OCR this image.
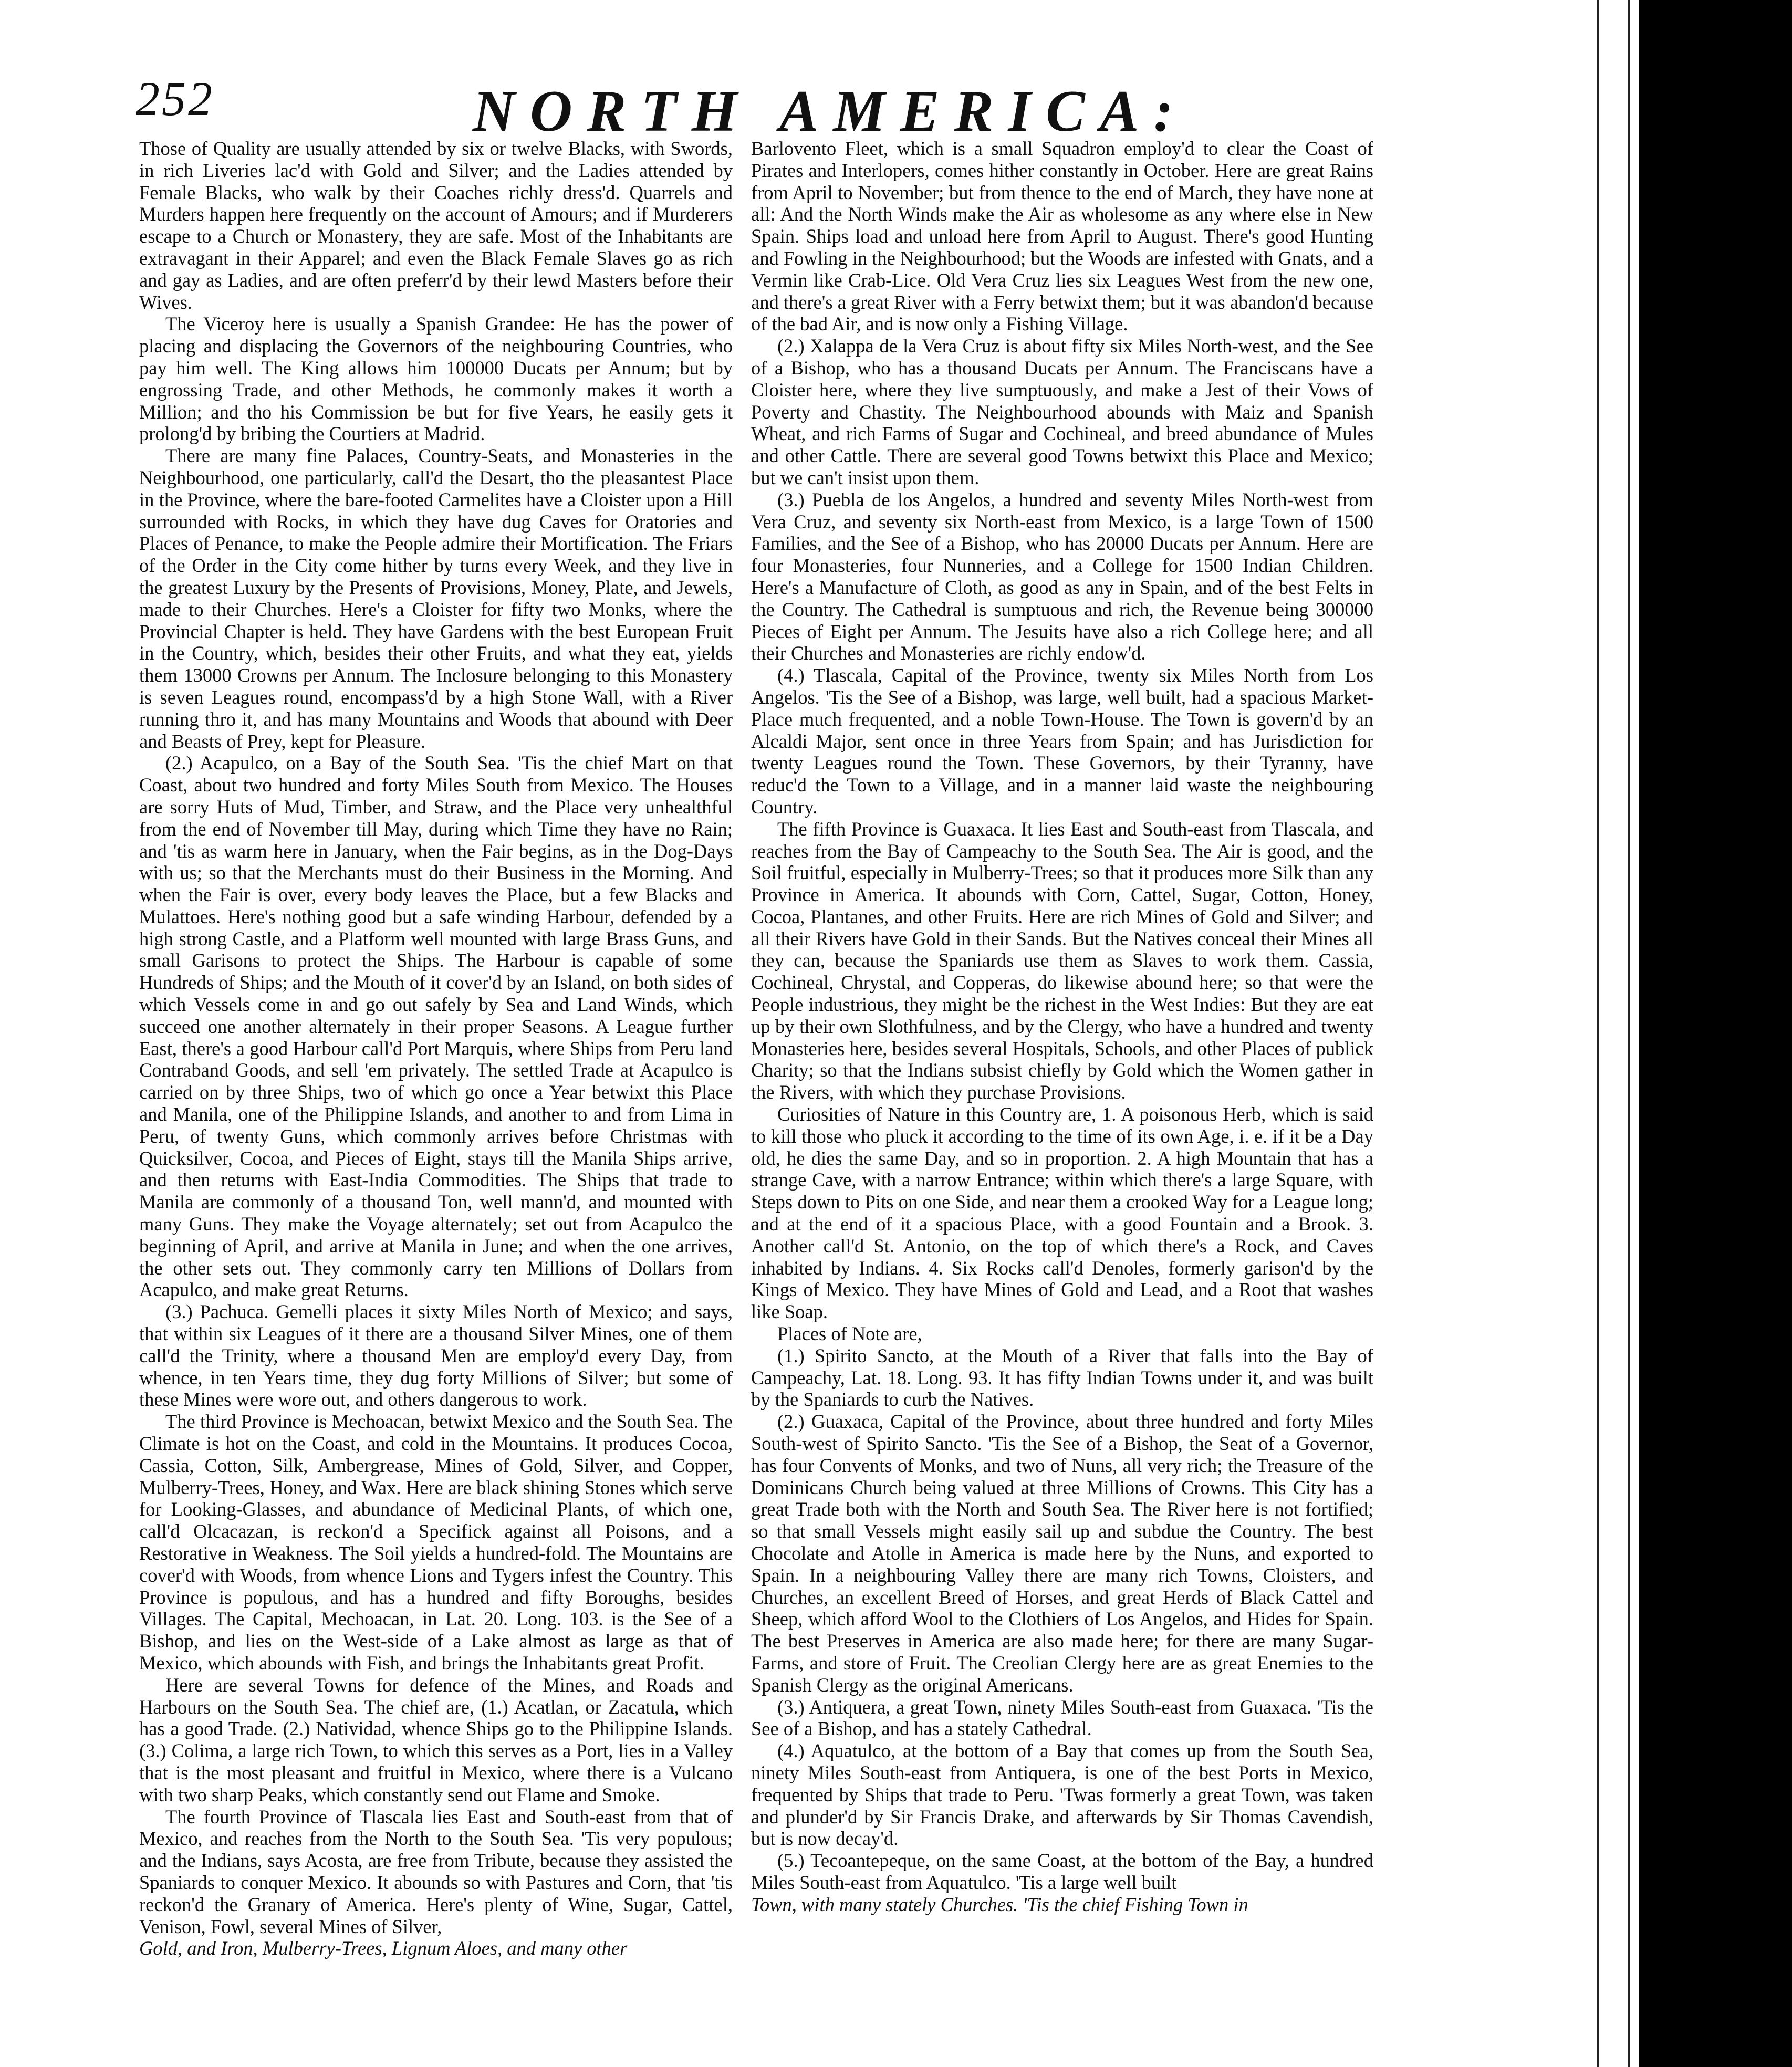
252	NORTH AMERICA:

Those of Quality are usually attended by six or twelve Blacks, with Swords, in rich Liveries lac'd with Gold and Silver; and the Ladies attended by Female Blacks, who walk by their Coaches richly dress'd. Quarrels and Murders happen here frequently on the account of Amours; and if Murderers escape to a Church or Monastery, they are safe. Most of the Inhabitants are extravagant in their Apparel; and even the Black Female Slaves go as rich and gay as Ladies, and are often preferr'd by their lewd Masters before their Wives.

The Viceroy here is usually a Spanish Grandee: He has the power of placing and displacing the Governors of the neighbouring Countries, who pay him well. The King allows him 100000 Ducats per Annum; but by engrossing Trade, and other Methods, he commonly makes it worth a Million; and tho his Commission be but for five Years, he easily gets it prolong'd by bribing the Courtiers at Madrid.

There are many fine Palaces, Country-Seats, and Monasteries in the Neighbourhood, one particularly, call'd the Desart, tho the pleasantest Place in the Province, where the bare-footed Carmelites have a Cloister upon a Hill surrounded with Rocks, in which they have dug Caves for Oratories and Places of Penance, to make the People admire their Mortification. The Friars of the Order in the City come hither by turns every Week, and they live in the greatest Luxury by the Presents of Provisions, Money, Plate, and Jewels, made to their Churches. Here's a Cloister for fifty two Monks, where the Provincial Chapter is held. They have Gardens with the best European Fruit in the Country, which, besides their other Fruits, and what they eat, yields them 13000 Crowns per Annum. The Inclosure belonging to this Monastery is seven Leagues round, encompass'd by a high Stone Wall, with a River running thro it, and has many Mountains and Woods that abound with Deer and Beasts of Prey, kept for Pleasure.

(2.) Acapulco, on a Bay of the South Sea. 'Tis the chief Mart on that Coast, about two hundred and forty Miles South from Mexico. The Houses are sorry Huts of Mud, Timber, and Straw, and the Place very unhealthful from the end of November till May, during which Time they have no Rain; and 'tis as warm here in January, when the Fair begins, as in the Dog-Days with us; so that the Merchants must do their Business in the Morning. And when the Fair is over, every body leaves the Place, but a few Blacks and Mulattoes. Here's nothing good but a safe winding Harbour, defended by a high strong Castle, and a Platform well mounted with large Brass Guns, and small Garisons to protect the Ships. The Harbour is capable of some Hundreds of Ships; and the Mouth of it cover'd by an Island, on both sides of which Vessels come in and go out safely by Sea and Land Winds, which succeed one another alternately in their proper Seasons. A League further East, there's a good Harbour call'd Port Marquis, where Ships from Peru land Contraband Goods, and sell 'em privately. The settled Trade at Acapulco is carried on by three Ships, two of which go once a Year betwixt this Place and Manila, one of the Philippine Islands, and another to and from Lima in Peru, of twenty Guns, which commonly arrives before Christmas with Quicksilver, Cocoa, and Pieces of Eight, stays till the Manila Ships arrive, and then returns with East-India Commodities. The Ships that trade to Manila are commonly of a thousand Ton, well mann'd, and mounted with many Guns. They make the Voyage alternately; set out from Acapulco the beginning of April, and arrive at Manila in June; and when the one arrives, the other sets out. They commonly carry ten Millions of Dollars from Acapulco, and make great Returns.

(3.) Pachuca. Gemelli places it sixty Miles North of Mexico; and says, that within six Leagues of it there are a thousand Silver Mines, one of them call'd the Trinity, where a thousand Men are employ'd every Day, from whence, in ten Years time, they dug forty Millions of Silver; but some of these Mines were wore out, and others dangerous to work.

The third Province is Mechoacan, betwixt Mexico and the South Sea. The Climate is hot on the Coast, and cold in the Mountains. It produces Cocoa, Cassia, Cotton, Silk, Ambergrease, Mines of Gold, Silver, and Copper, Mulberry-Trees, Honey, and Wax. Here are black shining Stones which serve for Looking-Glasses, and abundance of Medicinal Plants, of which one, call'd Olcacazan, is reckon'd a Specifick against all Poisons, and a Restorative in Weakness. The Soil yields a hundred-fold. The Mountains are cover'd with Woods, from whence Lions and Tygers infest the Country. This Province is populous, and has a hundred and fifty Boroughs, besides Villages. The Capital, Mechoacan, in Lat. 20. Long. 103. is the See of a Bishop, and lies on the West-side of a Lake almost as large as that of Mexico, which abounds with Fish, and brings the Inhabitants great Profit.

Here are several Towns for defence of the Mines, and Roads and Harbours on the South Sea. The chief are, (1.) Acatlan, or Zacatula, which has a good Trade. (2.) Natividad, whence Ships go to the Philippine Islands. (3.) Colima, a large rich Town, to which this serves as a Port, lies in a Valley that is the most pleasant and fruitful in Mexico, where there is a Vulcano with two sharp Peaks, which constantly send out Flame and Smoke.

The fourth Province of Tlascala lies East and South-east from that of Mexico, and reaches from the North to the South Sea. 'Tis very populous; and the Indians, says Acosta, are free from Tribute, because they assisted the Spaniards to conquer Mexico. It abounds so with Pastures and Corn, that 'tis reckon'd the Granary of America. Here's plenty of Wine, Sugar, Cattel, Venison, Fowl, several Mines of Silver,

Gold, and Iron, Mulberry-Trees, Lignum Aloes, and many other

Barlovento Fleet, which is a small Squadron employ'd to clear the Coast of Pirates and Interlopers, comes hither constantly in October. Here are great Rains from April to November; but from thence to the end of March, they have none at all: And the North Winds make the Air as wholesome as any where else in New Spain. Ships load and unload here from April to August. There's good Hunting and Fowling in the Neighbourhood; but the Woods are infested with Gnats, and a Vermin like Crab-Lice. Old Vera Cruz lies six Leagues West from the new one, and there's a great River with a Ferry betwixt them; but it was abandon'd because of the bad Air, and is now only a Fishing Village.

(2.) Xalappa de la Vera Cruz is about fifty six Miles North-west, and the See of a Bishop, who has a thousand Ducats per Annum. The Franciscans have a Cloister here, where they live sumptuously, and make a Jest of their Vows of Poverty and Chastity. The Neighbourhood abounds with Maiz and Spanish Wheat, and rich Farms of Sugar and Cochineal, and breed abundance of Mules and other Cattle. There are several good Towns betwixt this Place and Mexico; but we can't insist upon them.

(3.) Puebla de los Angelos, a hundred and seventy Miles North-west from Vera Cruz, and seventy six North-east from Mexico, is a large Town of 1500 Families, and the See of a Bishop, who has 20000 Ducats per Annum. Here are four Monasteries, four Nunneries, and a College for 1500 Indian Children. Here's a Manufacture of Cloth, as good as any in Spain, and of the best Felts in the Country. The Cathedral is sumptuous and rich, the Revenue being 300000 Pieces of Eight per Annum. The Jesuits have also a rich College here; and all their Churches and Monasteries are richly endow'd.

(4.) Tlascala, Capital of the Province, twenty six Miles North from Los Angelos. 'Tis the See of a Bishop, was large, well built, had a spacious Market-Place much frequented, and a noble Town-House. The Town is govern'd by an Alcaldi Major, sent once in three Years from Spain; and has Jurisdiction for twenty Leagues round the Town. These Governors, by their Tyranny, have reduc'd the Town to a Village, and in a manner laid waste the neighbouring Country.

The fifth Province is Guaxaca. It lies East and South-east from Tlascala, and reaches from the Bay of Campeachy to the South Sea. The Air is good, and the Soil fruitful, especially in Mulberry-Trees; so that it produces more Silk than any Province in America. It abounds with Corn, Cattel, Sugar, Cotton, Honey, Cocoa, Plantanes, and other Fruits. Here are rich Mines of Gold and Silver; and all their Rivers have Gold in their Sands. But the Natives conceal their Mines all they can, because the Spaniards use them as Slaves to work them. Cassia, Cochineal, Chrystal, and Copperas, do likewise abound here; so that were the People industrious, they might be the richest in the West Indies: But they are eat up by their own Slothfulness, and by the Clergy, who have a hundred and twenty Monasteries here, besides several Hospitals, Schools, and other Places of publick Charity; so that the Indians subsist chiefly by Gold which the Women gather in the Rivers, with which they purchase Provisions.

Curiosities of Nature in this Country are, 1. A poisonous Herb, which is said to kill those who pluck it according to the time of its own Age, i. e. if it be a Day old, he dies the same Day, and so in proportion. 2. A high Mountain that has a strange Cave, with a narrow Entrance; within which there's a large Square, with Steps down to Pits on one Side, and near them a crooked Way for a League long; and at the end of it a spacious Place, with a good Fountain and a Brook. 3. Another call'd St. Antonio, on the top of which there's a Rock, and Caves inhabited by Indians. 4. Six Rocks call'd Denoles, formerly garison'd by the Kings of Mexico. They have Mines of Gold and Lead, and a Root that washes like Soap.

Places of Note are,

(1.) Spirito Sancto, at the Mouth of a River that falls into the Bay of Campeachy, Lat. 18. Long. 93. It has fifty Indian Towns under it, and was built by the Spaniards to curb the Natives.

(2.) Guaxaca, Capital of the Province, about three hundred and forty Miles South-west of Spirito Sancto. 'Tis the See of a Bishop, the Seat of a Governor, has four Convents of Monks, and two of Nuns, all very rich; the Treasure of the Dominicans Church being valued at three Millions of Crowns. This City has a great Trade both with the North and South Sea. The River here is not fortified; so that small Vessels might easily sail up and subdue the Country. The best Chocolate and Atolle in America is made here by the Nuns, and exported to Spain. In a neighbouring Valley there are many rich Towns, Cloisters, and Churches, an excellent Breed of Horses, and great Herds of Black Cattel and Sheep, which afford Wool to the Clothiers of Los Angelos, and Hides for Spain. The best Preserves in America are also made here; for there are many Sugar-Farms, and store of Fruit. The Creolian Clergy here are as great Enemies to the Spanish Clergy as the original Americans.

(3.) Antiquera, a great Town, ninety Miles South-east from Guaxaca. 'Tis the See of a Bishop, and has a stately Cathedral.

(4.) Aquatulco, at the bottom of a Bay that comes up from the South Sea, ninety Miles South-east from Antiquera, is one of the best Ports in Mexico, frequented by Ships that trade to Peru. 'Twas formerly a great Town, was taken and plunder'd by Sir Francis Drake, and afterwards by Sir Thomas Cavendish, but is now decay'd.

(5.) Tecoantepeque, on the same Coast, at the bottom of the Bay, a hundred Miles South-east from Aquatulco. 'Tis a large well built

Town, with many stately Churches. 'Tis the chief Fishing Town in
